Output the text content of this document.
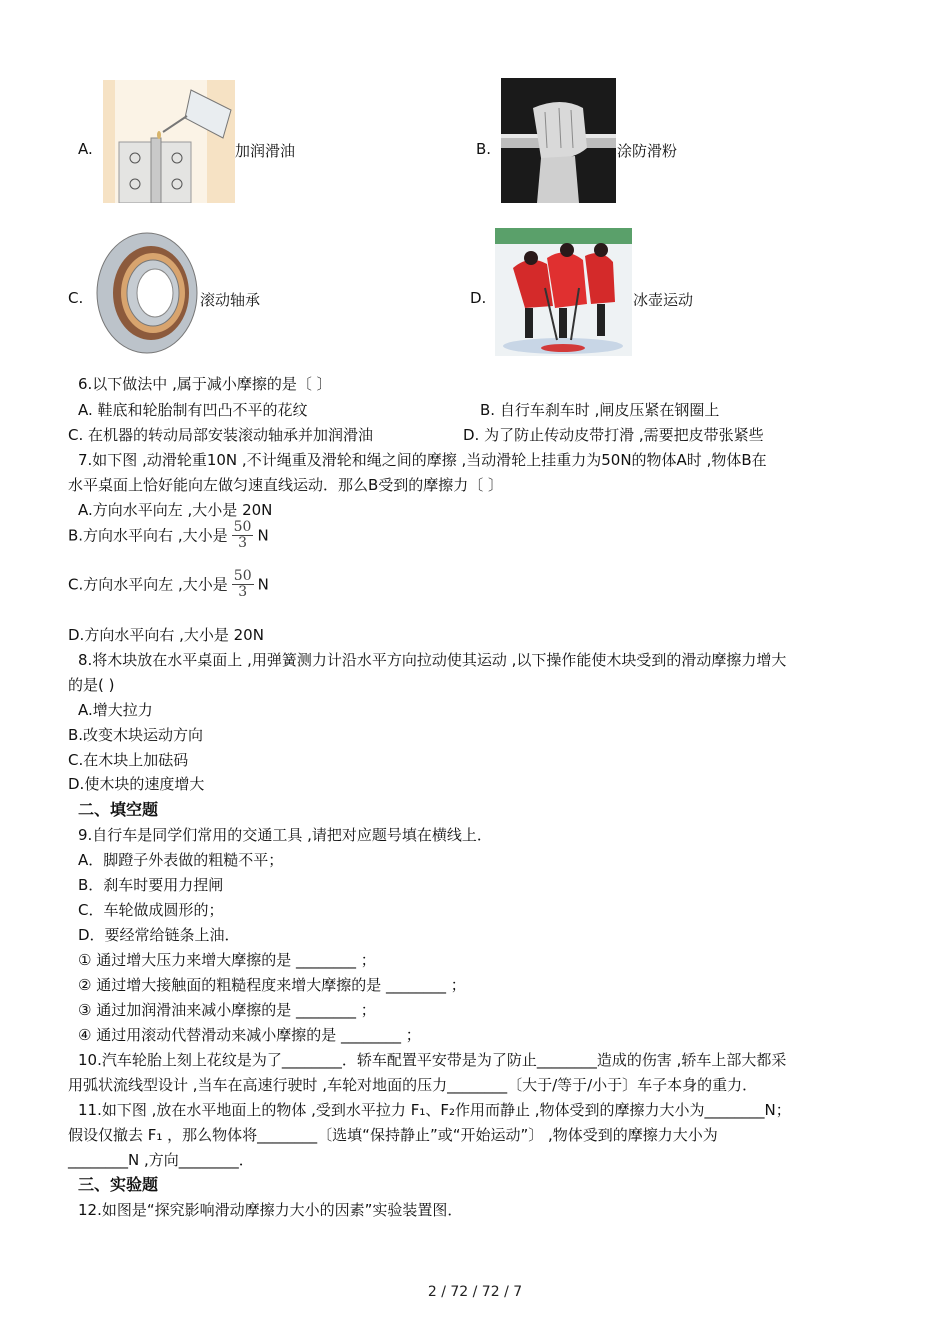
A.	加润滑油	B.	涂防滑粉
C.	滚动轴承	D.	冰壶运动
6.以下做法中 ,属于减小摩擦的是〔 〕
A. 鞋底和轮胎制有凹凸不平的花纹	B. 自行车刹车时 ,闸皮压紧在钢圈上
C. 在机器的转动局部安装滚动轴承并加润滑油	D. 为了防止传动皮带打滑 ,需要把皮带张紧些
7.如下图 ,动滑轮重10N ,不计绳重及滑轮和绳之间的摩擦 ,当动滑轮上挂重力为50N的物体A时 ,物体B在
水平桌面上恰好能向左做匀速直线运动．那么B受到的摩擦力〔 〕
A.方向水平向左 ,大小是 20N
B.方向水平向右 ,大小是 $\frac{50}{3}$ N
C.方向水平向左 ,大小是 $\frac{50}{3}$ N
D.方向水平向右 ,大小是 20N
8.将木块放在水平桌面上 ,用弹簧测力计沿水平方向拉动使其运动 ,以下操作能使木块受到的滑动摩擦力增大
的是( )
A.增大拉力
B.改变木块运动方向
C.在木块上加砝码
D.使木块的速度增大
二、填空题
9.自行车是同学们常用的交通工具 ,请把对应题号填在横线上．
A．脚蹬子外表做的粗糙不平；
B．刹车时要用力捏闸
C．车轮做成圆形的；
D．要经常给链条上油．
① 通过增大压力来增大摩擦的是 ________ ；
② 通过增大接触面的粗糙程度来增大摩擦的是 ________ ；
③ 通过加润滑油来减小摩擦的是 ________ ；
④ 通过用滚动代替滑动来减小摩擦的是 ________ ；
10.汽车轮胎上刻上花纹是为了________．轿车配置平安带是为了防止________造成的伤害 ,轿车上部大都采
用弧状流线型设计 ,当车在高速行驶时 ,车轮对地面的压力________〔大于/等于/小于〕车子本身的重力．
11.如下图 ,放在水平地面上的物体 ,受到水平拉力 F₁、F₂作用而静止 ,物体受到的摩擦力大小为________N；
假设仅撤去 F₁ ，那么物体将________〔选填“保持静止”或“开始运动”〕 ,物体受到的摩擦力大小为
________N ,方向________．
三、实验题
12.如图是“探究影响滑动摩擦力大小的因素”实验装置图．
2 / 72 / 72 / 7
